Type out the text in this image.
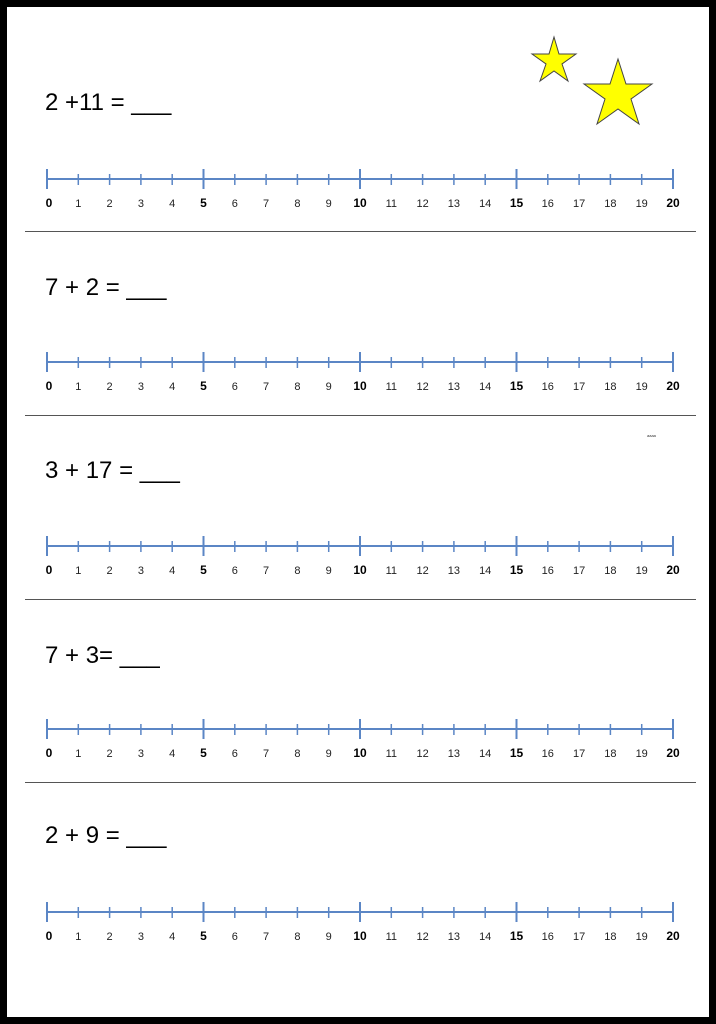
2 +11 = ___
7 + 2 = ___
3 + 17 = ___
7 + 3= ___
2 + 9 = ___
aaaa
0 1 2 3 4 5 6 7 8 9 10 11 12 13 14 15 16 17 18 19 20
0 1 2 3 4 5 6 7 8 9 10 11 12 13 14 15 16 17 18 19 20
0 1 2 3 4 5 6 7 8 9 10 11 12 13 14 15 16 17 18 19 20
0 1 2 3 4 5 6 7 8 9 10 11 12 13 14 15 16 17 18 19 20
0 1 2 3 4 5 6 7 8 9 10 11 12 13 14 15 16 17 18 19 20
